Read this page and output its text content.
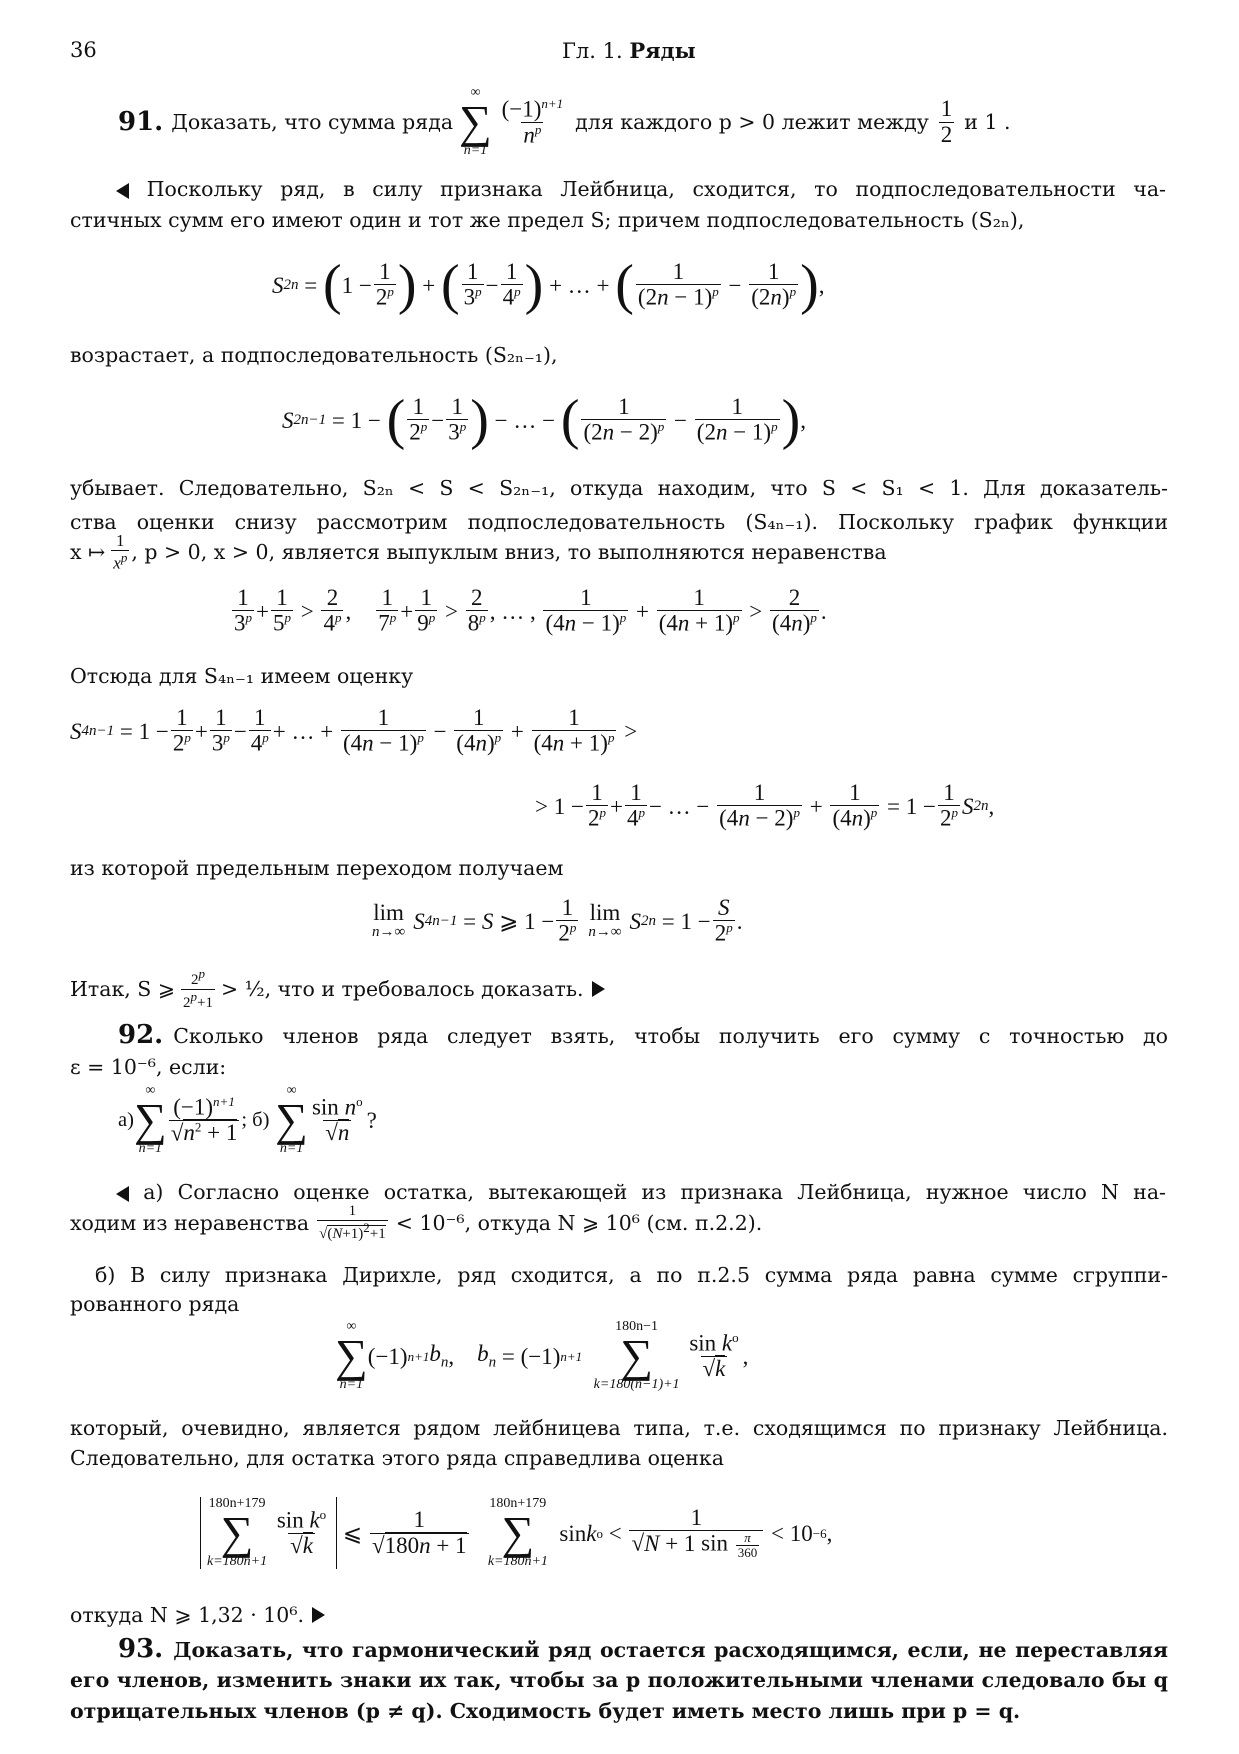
36	Гл. 1. Ряды
91. Доказать, что сумма ряда
∞
∑
n=1

$\frac{(-1)^{n+1}}{n^p}$ для каждого p > 0 лежит между $\frac{1}{2}$ и 1 .
Поскольку ряд, в силу признака Лейбница, сходится, то подпоследовательности ча-
стичных сумм его имеют один и тот же предел S; причем подпоследовательность (S₂ₙ),
S 2n = ( $1 - \frac{1}{2^p}$ ) + ( $\frac{1}{3^p} - \frac{1}{4^p}$ ) + … + ( $\frac{1}{(2n - 1)^p} - \frac{1}{(2n)^p}$ ) ,
возрастает, а подпоследовательность (S₂ₙ₋₁),
S 2n−1 = 1 − ( $\frac{1}{2^p} - \frac{1}{3^p}$ ) − … − ( $\frac{1}{(2n - 2)^p} - \frac{1}{(2n - 1)^p}$ ) ,
убывает. Следовательно, S₂ₙ < S < S₂ₙ₋₁, откуда находим, что S < S₁ < 1. Для доказатель-
ства оценки снизу рассмотрим подпоследовательность (S₄ₙ₋₁). Поскольку график функции
x ↦ $\frac{1}{x^p}$ , p > 0, x > 0, является выпуклым вниз, то выполняются неравенства
$\frac{1}{3^p} + \frac{1}{5^p} > \frac{2}{4^p}$ , $\frac{1}{7^p} + \frac{1}{9^p} > \frac{2}{8^p}$ , … , $\frac{1}{(4n - 1)^p} + \frac{1}{(4n + 1)^p} > \frac{2}{(4n)^p}$ .
Отсюда для S₄ₙ₋₁ имеем оценку
S $4n-1 = 1 - \frac{1}{2^p} + \frac{1}{3^p} - \frac{1}{4^p}$ + … + $\frac{1}{(4n - 1)^p} - \frac{1}{(4n)^p} + \frac{1}{(4n + 1)^p}$ >
> $1 - \frac{1}{2^p} + \frac{1}{4^p}$ − … − $\frac{1}{(4n - 2)^p} + \frac{1}{(4n)^p} = 1 - \frac{1}{2^p}$ S 2n ,
из которой предельным переходом получаем
lim
n→∞ S 4n−1 = S ⩾ $1 - \frac{1}{2^p}$ lim
n→∞ S $2n = 1 - \frac{S}{2^p}$ .
Итак, S ⩾ $\frac{2^p}{2^p+1}$ > ½, что и требовалось доказать.
92. Сколько членов ряда следует взять, чтобы получить его сумму с точностью до
ε = 10⁻⁶, если:
а)
∞
∑
n=1
$\frac{(-1)^{n+1}}{√n^2 + 1}$ ; б)

∞
∑
n=1
$\frac{\sin n^o}{√n}$ ?
а) Согласно оценке остатка, вытекающей из признака Лейбница, нужное число N на-
ходим из неравенства $\frac{1}{√(N+1)^2+1} < 10^{-6}$, откуда N ⩾ 10⁶ (см. п.2.2).
б) В силу признака Дирихле, ряд сходится, а по п.2.5 сумма ряда равна сумме сгруппи-
рованного ряда
∞
∑
n=1
(−1) n+1 $b_n$ , $b_n = (-1)$ n+1

180n−1
∑
k=180(n−1)+1

$\frac{\sin k^o}{√k}$ ,
который, очевидно, является рядом лейбницева типа, т.е. сходящимся по признаку Лейбница.
Следовательно, для остатка этого ряда справедлива оценка
180n+179
∑
k=180n+1

$\frac{\sin k^o}{√k}$ ⩽ $\frac{1}{√180n + 1}$

180n+179
∑
k=180n+1
sin k $o < \frac{1}{√N + 1 \sin \frac{\pi}{360}} < 10 -6$ ,
откуда N ⩾ 1,32 · 10⁶.
93. Доказать, что гармонический ряд остается расходящимся, если, не переставляя
его членов, изменить знаки их так, чтобы за p положительными членами следовало бы q
отрицательных членов (p ≠ q). Сходимость будет иметь место лишь при p = q.
